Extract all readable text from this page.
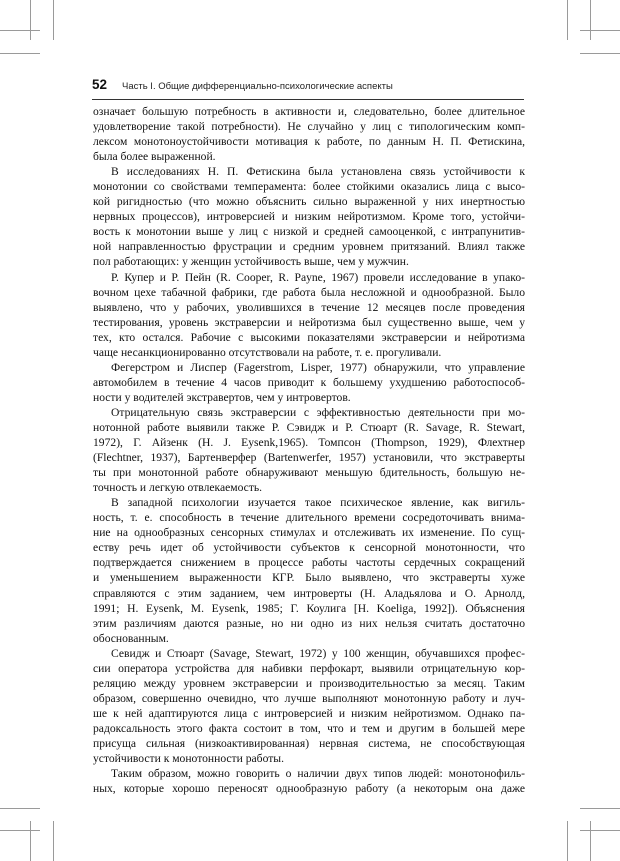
52 Часть I. Общие дифференциально-психологические аспекты
означает большую потребность в активности и, следовательно, более длительное
удовлетворение такой потребности). Не случайно у лиц с типологическим комп-
лексом монотоноустойчивости мотивация к работе, по данным Н. П. Фетискина,
была более выраженной.
В исследованиях Н. П. Фетискина была установлена связь устойчивости к
монотонии со свойствами темперамента: более стойкими оказались лица с высо-
кой ригидностью (что можно объяснить сильно выраженной у них инертностью
нервных процессов), интроверсией и низким нейротизмом. Кроме того, устойчи-
вость к монотонии выше у лиц с низкой и средней самооценкой, с интрапунитив-
ной направленностью фрустрации и средним уровнем притязаний. Влиял также
пол работающих: у женщин устойчивость выше, чем у мужчин.
Р. Купер и Р. Пейн (R. Cooper, R. Payne, 1967) провели исследование в упако-
вочном цехе табачной фабрики, где работа была несложной и однообразной. Было
выявлено, что у рабочих, уволившихся в течение 12 месяцев после проведения
тестирования, уровень экстраверсии и нейротизма был существенно выше, чем у
тех, кто остался. Рабочие с высокими показателями экстраверсии и нейротизма
чаще несанкционированно отсутствовали на работе, т. е. прогуливали.
Фегерстром и Лиспер (Fagerstrom, Lisper, 1977) обнаружили, что управление
автомобилем в течение 4 часов приводит к большему ухудшению работоспособ-
ности у водителей экстравертов, чем у интровертов.
Отрицательную связь экстраверсии с эффективностью деятельности при мо-
нотонной работе выявили также Р. Сэвидж и Р. Стюарт (R. Savage, R. Stewart,
1972), Г. Айзенк (H. J. Eysenk,1965). Томпсон (Thompson, 1929), Флехтнер
(Flechtner, 1937), Бартенверфер (Bartenwerfer, 1957) установили, что экстраверты
ты при монотонной работе обнаруживают меньшую бдительность, большую не-
точность и легкую отвлекаемость.
В западной психологии изучается такое психическое явление, как вигиль-
ность, т. е. способность в течение длительного времени сосредоточивать внима-
ние на однообразных сенсорных стимулах и отслеживать их изменение. По сущ-
еству речь идет об устойчивости субъектов к сенсорной монотонности, что
подтверждается снижением в процессе работы частоты сердечных сокращений
и уменьшением выраженности КГР. Было выявлено, что экстраверты хуже
справляются с этим заданием, чем интроверты (Н. Аладьялова и О. Арнолд,
1991; H. Eysenk, M. Eysenk, 1985; Г. Коулига [H. Koeliga, 1992]). Объяснения
этим различиям даются разные, но ни одно из них нельзя считать достаточно
обоснованным.
Севидж и Стюарт (Savage, Stewart, 1972) у 100 женщин, обучавшихся профес-
сии оператора устройства для набивки перфокарт, выявили отрицательную кор-
реляцию между уровнем экстраверсии и производительностью за месяц. Таким
образом, совершенно очевидно, что лучше выполняют монотонную работу и луч-
ше к ней адаптируются лица с интроверсией и низким нейротизмом. Однако па-
радоксальность этого факта состоит в том, что и тем и другим в большей мере
присуща сильная (низкоактивированная) нервная система, не способствующая
устойчивости к монотонности работы.
Таким образом, можно говорить о наличии двух типов людей: монотонофиль-
ных, которые хорошо переносят однообразную работу (а некоторым она даже
